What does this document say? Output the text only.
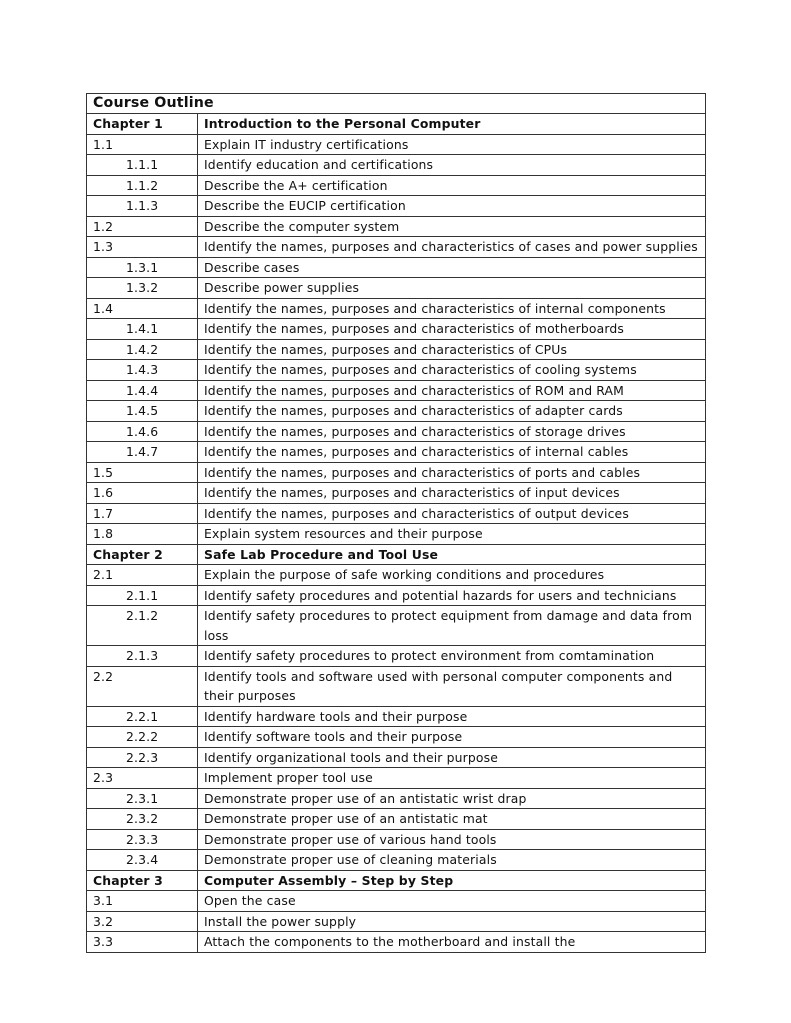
Course Outline	
Chapter 1	Introduction to the Personal Computer
1.1	Explain IT industry certifications
1.1.1	Identify education and certifications
1.1.2	Describe the A+ certification
1.1.3	Describe the EUCIP certification
1.2	Describe the computer system
1.3	Identify the names, purposes and characteristics of cases and power supplies
1.3.1	Describe cases
1.3.2	Describe power supplies
1.4	Identify the names, purposes and characteristics of internal components
1.4.1	Identify the names, purposes and characteristics of motherboards
1.4.2	Identify the names, purposes and characteristics of CPUs
1.4.3	Identify the names, purposes and characteristics of cooling systems
1.4.4	Identify the names, purposes and characteristics of ROM and RAM
1.4.5	Identify the names, purposes and characteristics of adapter cards
1.4.6	Identify the names, purposes and characteristics of storage drives
1.4.7	Identify the names, purposes and characteristics of internal cables
1.5	Identify the names, purposes and characteristics of ports and cables
1.6	Identify the names, purposes and characteristics of input devices
1.7	Identify the names, purposes and characteristics of output devices
1.8	Explain system resources and their purpose
Chapter 2	Safe Lab Procedure and Tool Use
2.1	Explain the purpose of safe working conditions and procedures
2.1.1	Identify safety procedures and potential hazards for users and technicians
2.1.2	Identify safety procedures to protect equipment from damage and data from loss
2.1.3	Identify safety procedures to protect environment from comtamination
2.2	Identify tools and software used with personal computer components and their purposes
2.2.1	Identify hardware tools and their purpose
2.2.2	Identify software tools and their purpose
2.2.3	Identify organizational tools and their purpose
2.3	Implement proper tool use
2.3.1	Demonstrate proper use of an antistatic wrist drap
2.3.2	Demonstrate proper use of an antistatic mat
2.3.3	Demonstrate proper use of various hand tools
2.3.4	Demonstrate proper use of cleaning materials
Chapter 3	Computer Assembly – Step by Step
3.1	Open the case
3.2	Install the power supply
3.3	Attach the components to the motherboard and install the
